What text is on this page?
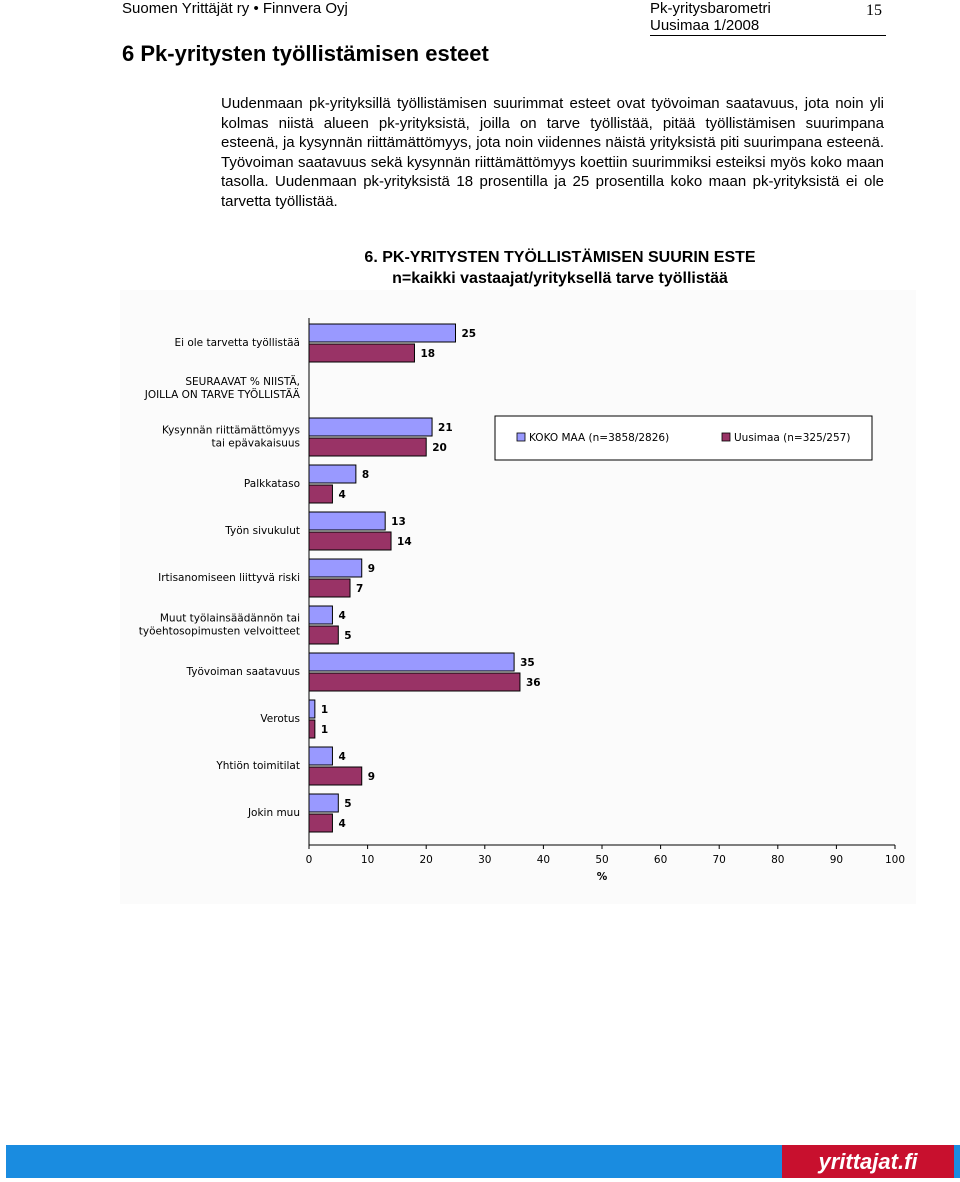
Suomen Yrittäjät ry • Finnvera Oyj	Pk-yritysbarometri
Uusimaa 1/2008
15
6 Pk-yritysten työllistämisen esteet

Uudenmaan pk-yrityksillä työllistämisen suurimmat esteet ovat työvoiman saatavuus, jota noin yli kolmas niistä alueen pk-yrityksistä, joilla on tarve työllistää, pitää työllistämisen suurimpana esteenä, ja kysynnän riittämättömyys, jota noin viidennes näistä yrityksistä piti suurimpana esteenä. Työvoiman saatavuus sekä kysynnän riittämättömyys koettiin suurimmiksi esteiksi myös koko maan tasolla. Uudenmaan pk-yrityksistä 18 prosentilla ja 25 prosentilla koko maan pk-yrityksistä ei ole tarvetta työllistää.

6. PK-YRITYSTEN TYÖLLISTÄMISEN SUURIN ESTE
n=kaikki vastaajat/yrityksellä tarve työllistää
0	10	20	30	40	50	60	70	80	90	100
%
SEURAAVAT % NIISTÄ,
JOILLA ON TARVE TYÖLLISTÄÄ
Ei ole tarvetta työllistää
25
18
Kysynnän riittämättömyys
tai epävakaisuus
21
20
Palkkataso
8
4
Työn sivukulut
13
14
Irtisanomiseen liittyvä riski
9
7
Muut työlainsäädännön tai
työehtosopimusten velvoitteet
4
5
Työvoiman saatavuus
35
36
Verotus
1
1
Yhtiön toimitilat
4
9
Jokin muu
5
4
KOKO MAA (n=3858/2826)	Uusimaa (n=325/257)
yrittajat.fi
